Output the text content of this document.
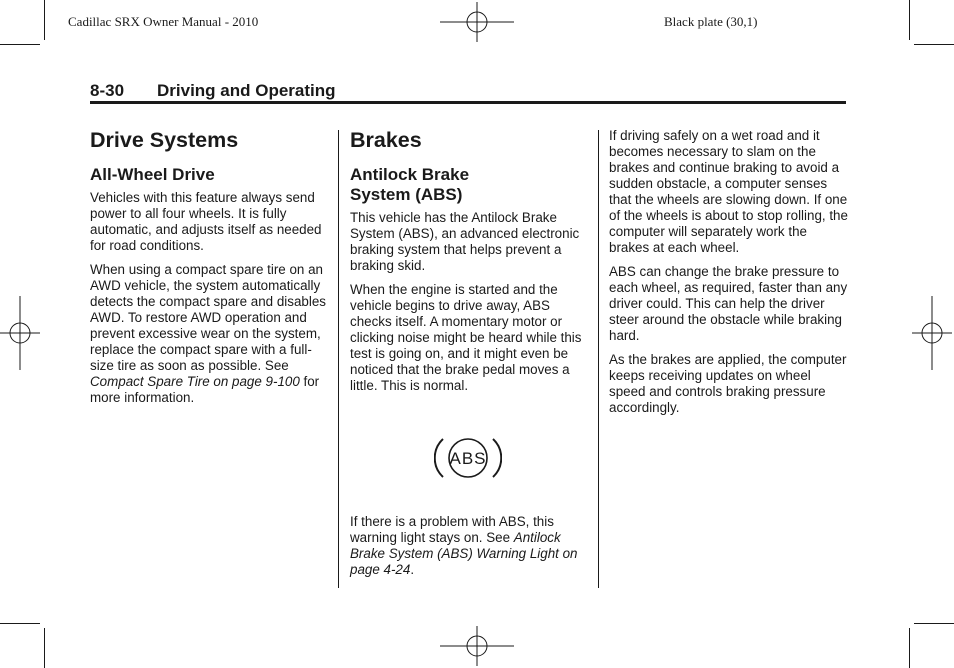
Cadillac SRX Owner Manual - 2010	Black plate (30,1)
8-30 Driving and Operating
Drive Systems
All-Wheel Drive

Vehicles with this feature always send power to all four wheels. It is fully automatic, and adjusts itself as needed for road conditions.

When using a compact spare tire on an AWD vehicle, the system automatically detects the compact spare and disables AWD. To restore AWD operation and prevent excessive wear on the system, replace the compact spare with a full-size tire as soon as possible. See Compact Spare Tire on page 9-100 for more information.

Brakes
Antilock Brake
System (ABS)

This vehicle has the Antilock Brake System (ABS), an advanced electronic braking system that helps prevent a braking skid.

When the engine is started and the vehicle begins to drive away, ABS checks itself. A momentary motor or clicking noise might be heard while this test is going on, and it might even be noticed that the brake pedal moves a little. This is normal.

ABS

If there is a problem with ABS, this warning light stays on. See Antilock Brake System (ABS) Warning Light on page 4-24.

If driving safely on a wet road and it becomes necessary to slam on the brakes and continue braking to avoid a sudden obstacle, a computer senses that the wheels are slowing down. If one of the wheels is about to stop rolling, the computer will separately work the brakes at each wheel.

ABS can change the brake pressure to each wheel, as required, faster than any driver could. This can help the driver steer around the obstacle while braking hard.

As the brakes are applied, the computer keeps receiving updates on wheel speed and controls braking pressure accordingly.
